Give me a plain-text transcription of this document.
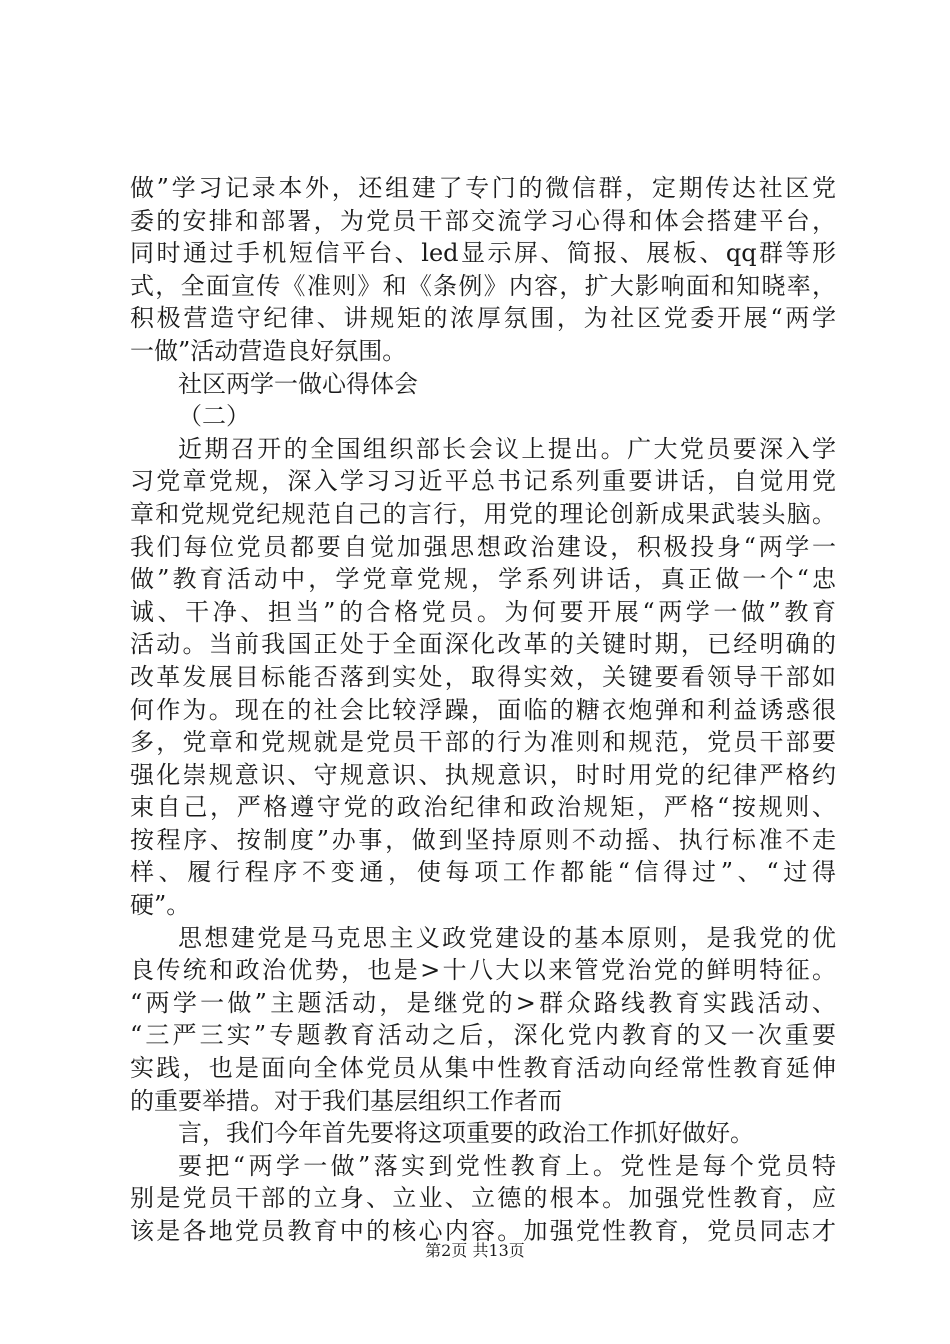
做”学习记录本外，还组建了专门的微信群，定期传达社区党
委的安排和部署，为党员干部交流学习心得和体会搭建平台，
同时通过手机短信平台、led显示屏、简报、展板、qq群等形
式，全面宣传《准则》和《条例》内容，扩大影响面和知晓率，
积极营造守纪律、讲规矩的浓厚氛围，为社区党委开展“两学
一做”活动营造良好氛围。
社区两学一做心得体会
（二）
近期召开的全国组织部长会议上提出。广大党员要深入学
习党章党规，深入学习习近平总书记系列重要讲话，自觉用党
章和党规党纪规范自己的言行，用党的理论创新成果武装头脑。
我们每位党员都要自觉加强思想政治建设，积极投身“两学一
做”教育活动中，学党章党规，学系列讲话，真正做一个“忠
诚、干净、担当”的合格党员。为何要开展“两学一做”教育
活动。当前我国正处于全面深化改革的关键时期，已经明确的
改革发展目标能否落到实处，取得实效，关键要看领导干部如
何作为。现在的社会比较浮躁，面临的糖衣炮弹和利益诱惑很
多，党章和党规就是党员干部的行为准则和规范，党员干部要
强化崇规意识、守规意识、执规意识，时时用党的纪律严格约
束自己，严格遵守党的政治纪律和政治规矩，严格“按规则、
按程序、按制度”办事，做到坚持原则不动摇、执行标准不走
样、履行程序不变通，使每项工作都能“信得过”、“过得
硬”。
思想建党是马克思主义政党建设的基本原则，是我党的优
良传统和政治优势，也是>十八大以来管党治党的鲜明特征。
“两学一做”主题活动，是继党的>群众路线教育实践活动、
“三严三实”专题教育活动之后，深化党内教育的又一次重要
实践，也是面向全体党员从集中性教育活动向经常性教育延伸
的重要举措。对于我们基层组织工作者而
言，我们今年首先要将这项重要的政治工作抓好做好。
要把“两学一做”落实到党性教育上。党性是每个党员特
别是党员干部的立身、立业、立德的根本。加强党性教育，应
该是各地党员教育中的核心内容。加强党性教育，党员同志才
第2页 共13页
